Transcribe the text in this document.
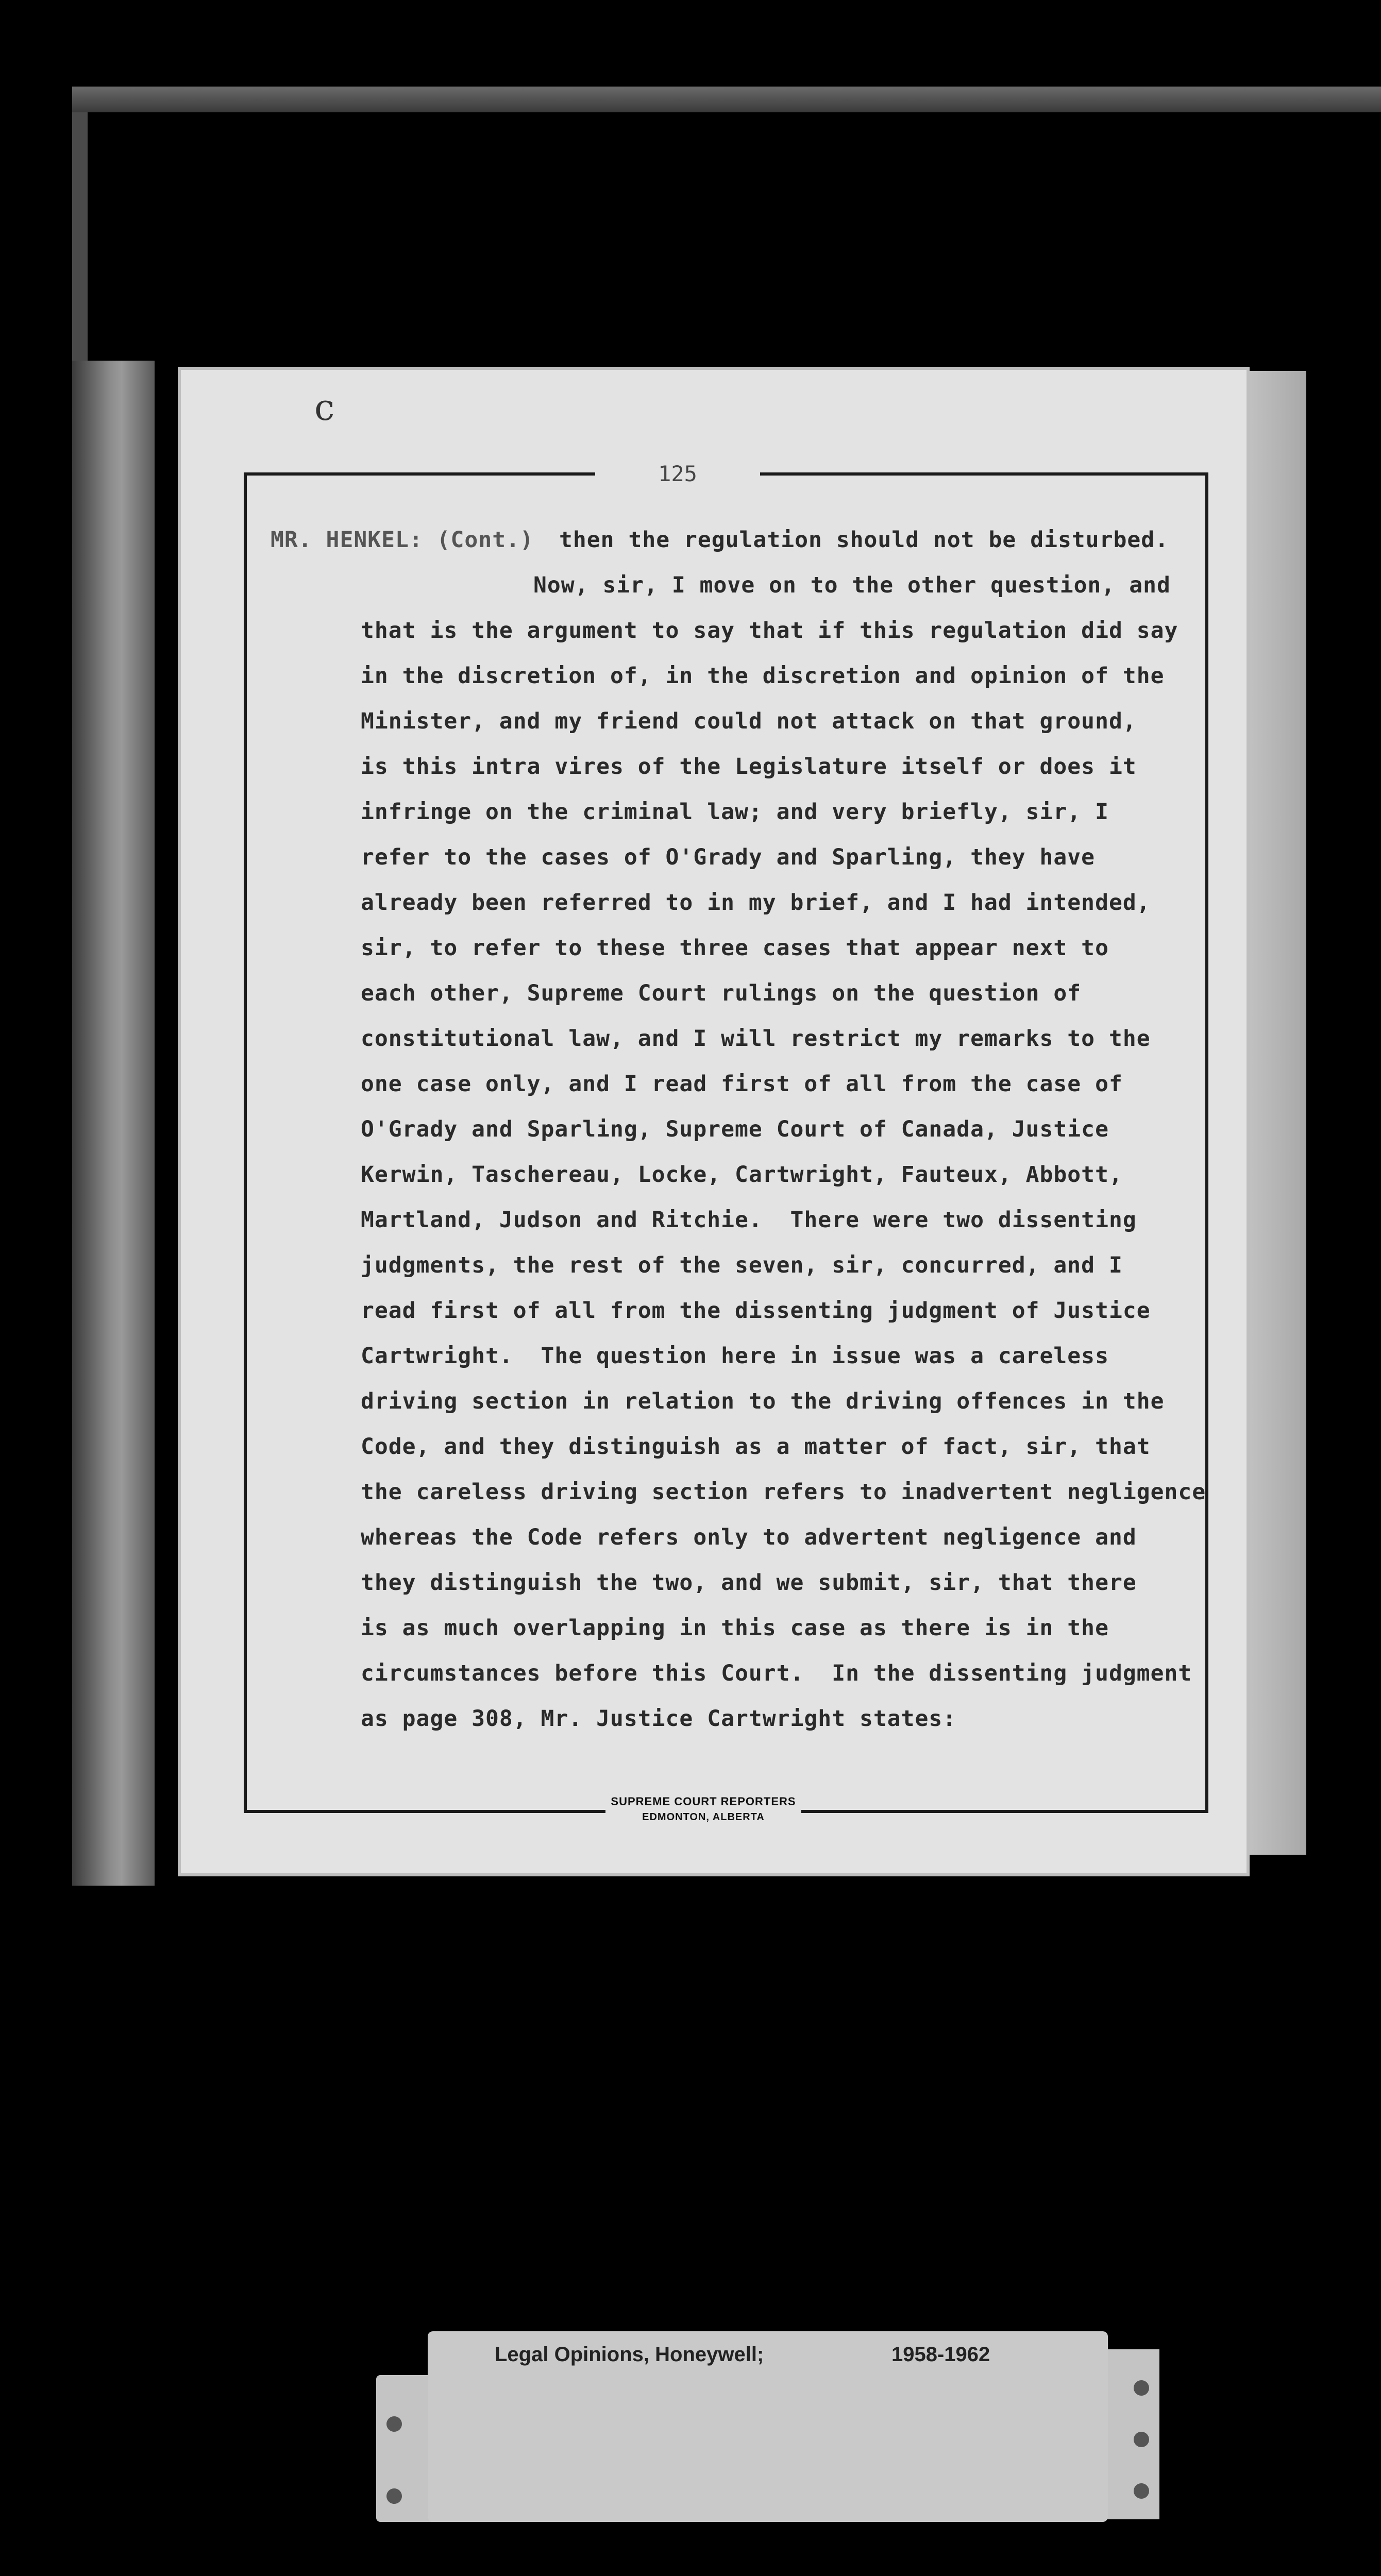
c
125
MR. HENKEL: (Cont.) then the regulation should not be disturbed.
Now, sir, I move on to the other question, and
that is the argument to say that if this regulation did say
in the discretion of, in the discretion and opinion of the
Minister, and my friend could not attack on that ground,
is this intra vires of the Legislature itself or does it
infringe on the criminal law; and very briefly, sir, I
refer to the cases of O'Grady and Sparling, they have
already been referred to in my brief, and I had intended,
sir, to refer to these three cases that appear next to
each other, Supreme Court rulings on the question of
constitutional law, and I will restrict my remarks to the
one case only, and I read first of all from the case of
O'Grady and Sparling, Supreme Court of Canada, Justice
Kerwin, Taschereau, Locke, Cartwright, Fauteux, Abbott,
Martland, Judson and Ritchie.  There were two dissenting
judgments, the rest of the seven, sir, concurred, and I
read first of all from the dissenting judgment of Justice
Cartwright.  The question here in issue was a careless
driving section in relation to the driving offences in the
Code, and they distinguish as a matter of fact, sir, that
the careless driving section refers to inadvertent negligence
whereas the Code refers only to advertent negligence and
they distinguish the two, and we submit, sir, that there
is as much overlapping in this case as there is in the
circumstances before this Court.  In the dissenting judgment
as page 308, Mr. Justice Cartwright states:
SUPREME COURT REPORTERS
EDMONTON, ALBERTA
Legal Opinions, Honeywell;	1958-1962
